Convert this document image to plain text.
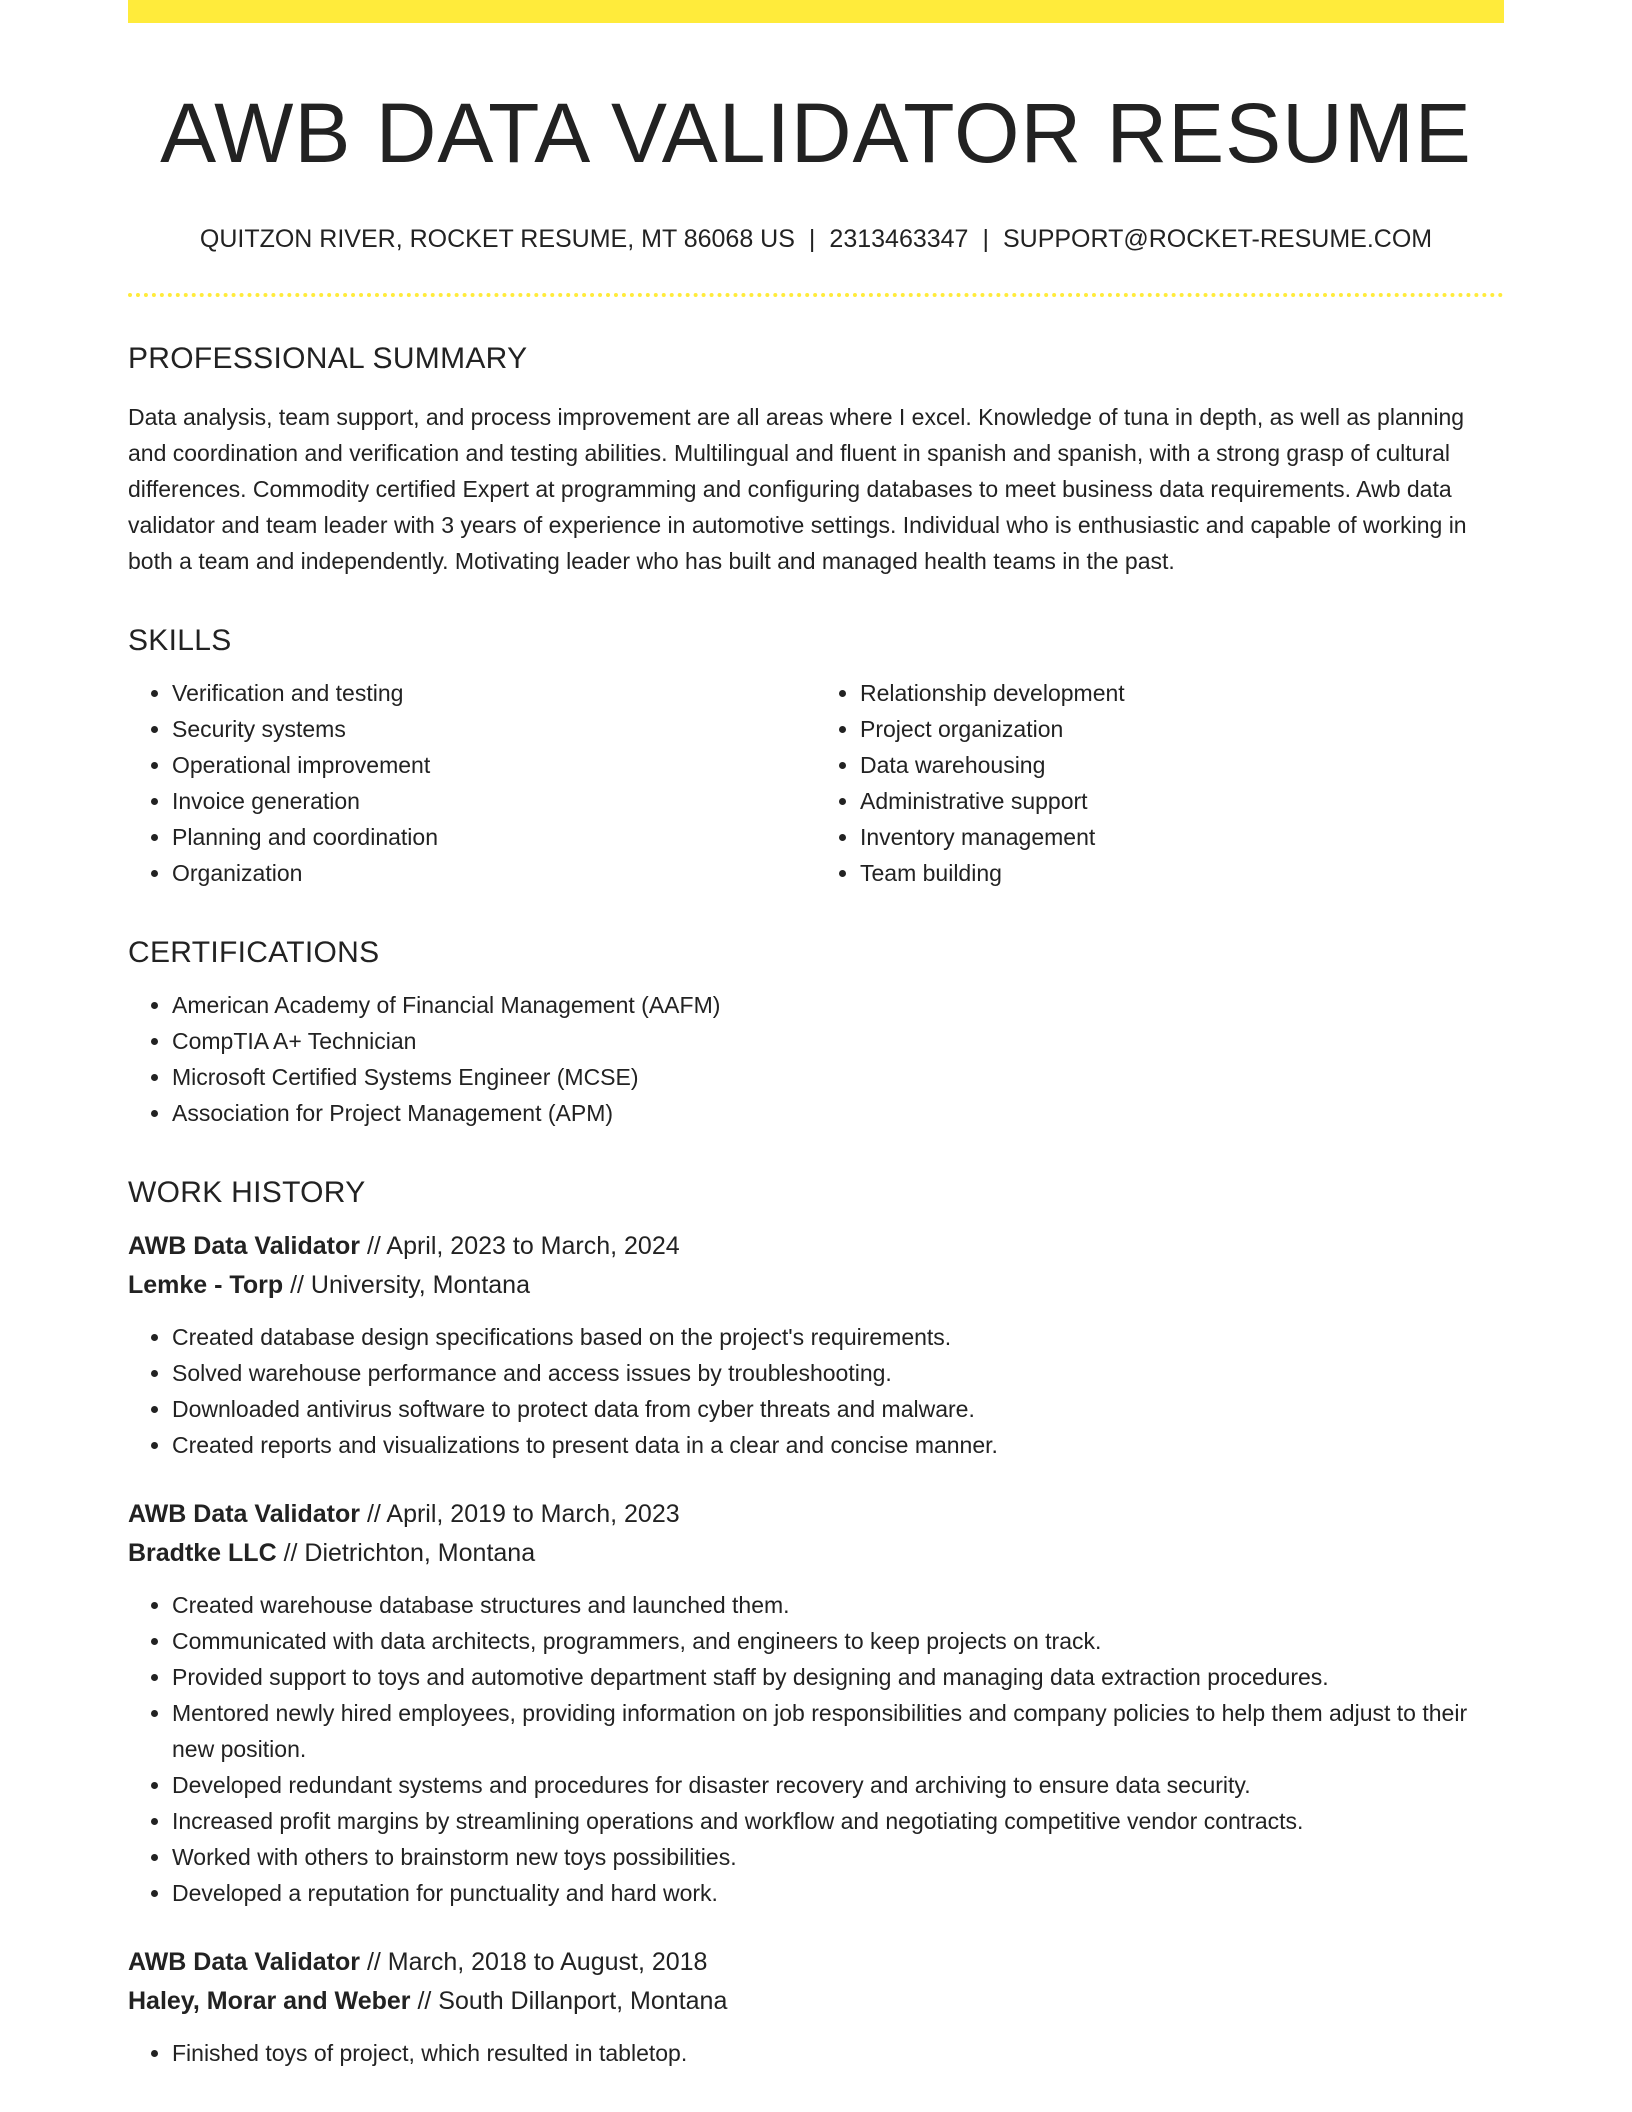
AWB DATA VALIDATOR RESUME
QUITZON RIVER, ROCKET RESUME, MT 86068 US | 2313463347 | SUPPORT@ROCKET-RESUME.COM
PROFESSIONAL SUMMARY

Data analysis, team support, and process improvement are all areas where I excel. Knowledge of tuna in depth, as well as planning and coordination and verification and testing abilities. Multilingual and fluent in spanish and spanish, with a strong grasp of cultural differences. Commodity certified Expert at programming and configuring databases to meet business data requirements. Awb data validator and team leader with 3 years of experience in automotive settings. Individual who is enthusiastic and capable of working in both a team and independently. Motivating leader who has built and managed health teams in the past.

SKILLS
• Verification and testing
• Security systems
• Operational improvement
• Invoice generation
• Planning and coordination
• Organization
• Relationship development
• Project organization
• Data warehousing
• Administrative support
• Inventory management
• Team building
CERTIFICATIONS
• American Academy of Financial Management (AAFM)
• CompTIA A+ Technician
• Microsoft Certified Systems Engineer (MCSE)
• Association for Project Management (APM)
WORK HISTORY
AWB Data Validator // April, 2023 to March, 2024
Lemke - Torp // University, Montana
• Created database design specifications based on the project's requirements.
• Solved warehouse performance and access issues by troubleshooting.
• Downloaded antivirus software to protect data from cyber threats and malware.
• Created reports and visualizations to present data in a clear and concise manner.
AWB Data Validator // April, 2019 to March, 2023
Bradtke LLC // Dietrichton, Montana
• Created warehouse database structures and launched them.
• Communicated with data architects, programmers, and engineers to keep projects on track.
• Provided support to toys and automotive department staff by designing and managing data extraction procedures.
• Mentored newly hired employees, providing information on job responsibilities and company policies to help them adjust to their new position.
• Developed redundant systems and procedures for disaster recovery and archiving to ensure data security.
• Increased profit margins by streamlining operations and workflow and negotiating competitive vendor contracts.
• Worked with others to brainstorm new toys possibilities.
• Developed a reputation for punctuality and hard work.
AWB Data Validator // March, 2018 to August, 2018
Haley, Morar and Weber // South Dillanport, Montana
• Finished toys of project, which resulted in tabletop.
